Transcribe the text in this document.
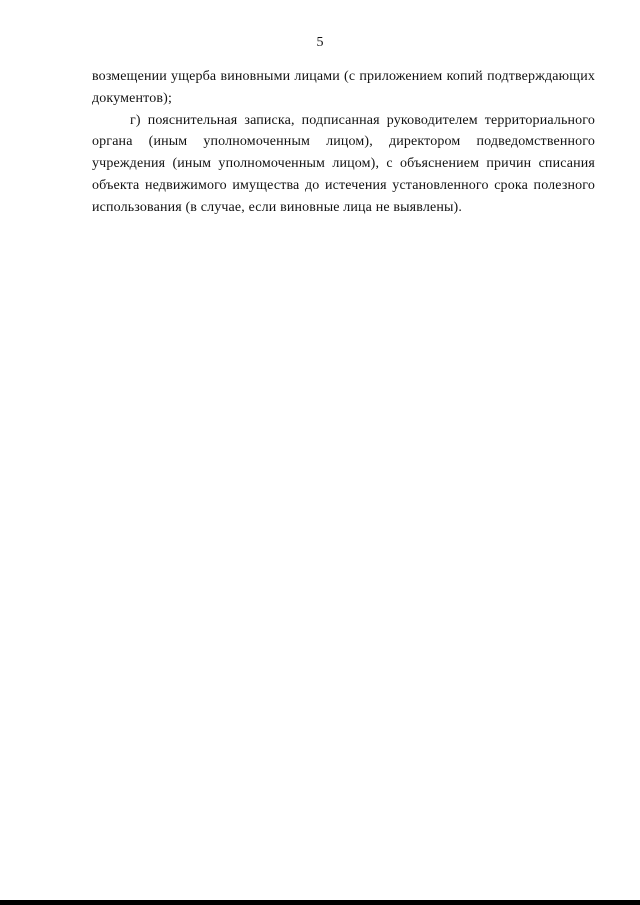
5

возмещении ущерба виновными лицами (с приложением копий подтверждающих документов);

г) пояснительная записка, подписанная руководителем территориального органа (иным уполномоченным лицом), директором подведомственного учреждения (иным уполномоченным лицом), с объяснением причин списания объекта недвижимого имущества до истечения установленного срока полезного использования (в случае, если виновные лица не выявлены).
